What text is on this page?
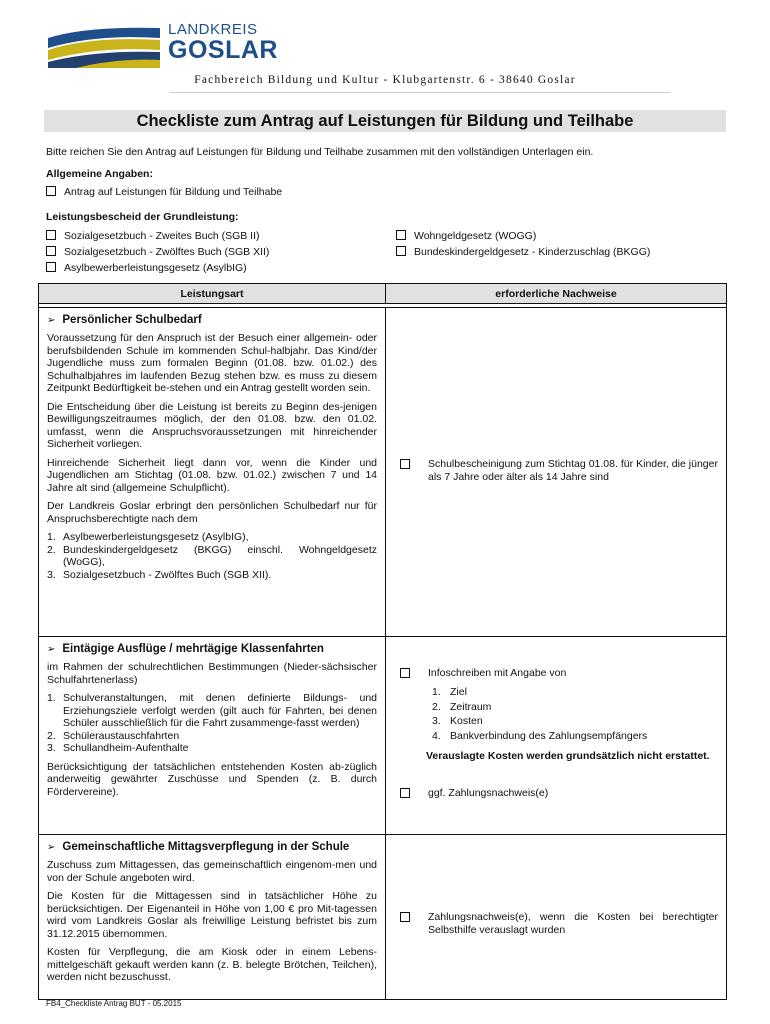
LANDKREIS
GOSLAR
Fachbereich Bildung und Kultur - Klubgartenstr. 6 - 38640 Goslar
Checkliste zum Antrag auf Leistungen für Bildung und Teilhabe
Bitte reichen Sie den Antrag auf Leistungen für Bildung und Teilhabe zusammen mit den vollständigen Unterlagen ein.
Allgemeine Angaben:
Antrag auf Leistungen für Bildung und Teilhabe
Leistungsbescheid der Grundleistung:
Sozialgesetzbuch - Zweites Buch (SGB II)
Sozialgesetzbuch - Zwölftes Buch (SGB XII)
Asylbewerberleistungsgesetz (AsylbIG)
Wohngeldgesetz (WOGG)
Bundeskindergeldgesetz - Kinderzuschlag (BKGG)
Leistungsart	erforderliche Nachweise
➢ Persönlicher Schulbedarf
Voraussetzung für den Anspruch ist der Besuch einer allgemein- oder berufsbildenden Schule im kommenden Schul-halbjahr. Das Kind/der Jugendliche muss zum formalen Beginn (01.08. bzw. 01.02.) des Schulhalbjahres im laufenden Bezug stehen bzw. es muss zu diesem Zeitpunkt Bedürftigkeit be-stehen und ein Antrag gestellt worden sein.
Die Entscheidung über die Leistung ist bereits zu Beginn des-jenigen Bewilligungszeitraumes möglich, der den 01.08. bzw. den 01.02. umfasst, wenn die Anspruchsvoraussetzungen mit hinreichender Sicherheit vorliegen.
Hinreichende Sicherheit liegt dann vor, wenn die Kinder und Jugendlichen am Stichtag (01.08. bzw. 01.02.) zwischen 7 und 14 Jahre alt sind (allgemeine Schulpflicht).
Der Landkreis Goslar erbringt den persönlichen Schulbedarf nur für Anspruchsberechtigte nach dem
1. Asylbewerberleistungsgesetz (AsylbIG),
2. Bundeskindergeldgesetz (BKGG) einschl. Wohngeldgesetz (WoGG),
3. Sozialgesetzbuch - Zwölftes Buch (SGB XII).
Schulbescheinigung zum Stichtag 01.08. für Kinder, die jünger als 7 Jahre oder älter als 14 Jahre sind
➢ Eintägige Ausflüge / mehrtägige Klassenfahrten
im Rahmen der schulrechtlichen Bestimmungen (Nieder-sächsischer Schulfahrtenerlass)
1. Schulveranstaltungen, mit denen definierte Bildungs- und Erziehungsziele verfolgt werden (gilt auch für Fahrten, bei denen Schüler ausschließlich für die Fahrt zusammenge-fasst werden)
2. Schüleraustauschfahrten
3. Schullandheim-Aufenthalte
Berücksichtigung der tatsächlichen entstehenden Kosten ab-züglich anderweitig gewährter Zuschüsse und Spenden (z. B. durch Fördervereine).
Infoschreiben mit Angabe von
1. Ziel
2. Zeitraum
3. Kosten
4. Bankverbindung des Zahlungsempfängers
Verauslagte Kosten werden grundsätzlich nicht erstattet.
ggf. Zahlungsnachweis(e)
➢ Gemeinschaftliche Mittagsverpflegung in der Schule
Zuschuss zum Mittagessen, das gemeinschaftlich eingenom-men und von der Schule angeboten wird.
Die Kosten für die Mittagessen sind in tatsächlicher Höhe zu berücksichtigen. Der Eigenanteil in Höhe von 1,00 € pro Mit-tagessen wird vom Landkreis Goslar als freiwillige Leistung befristet bis zum 31.12.2015 übernommen.
Kosten für Verpflegung, die am Kiosk oder in einem Lebens-mittelgeschäft gekauft werden kann (z. B. belegte Brötchen, Teilchen), werden nicht bezuschusst.
Zahlungsnachweis(e), wenn die Kosten bei berechtigter Selbsthilfe verauslagt wurden
FB4_Checkliste Antrag BUT - 05.2015
